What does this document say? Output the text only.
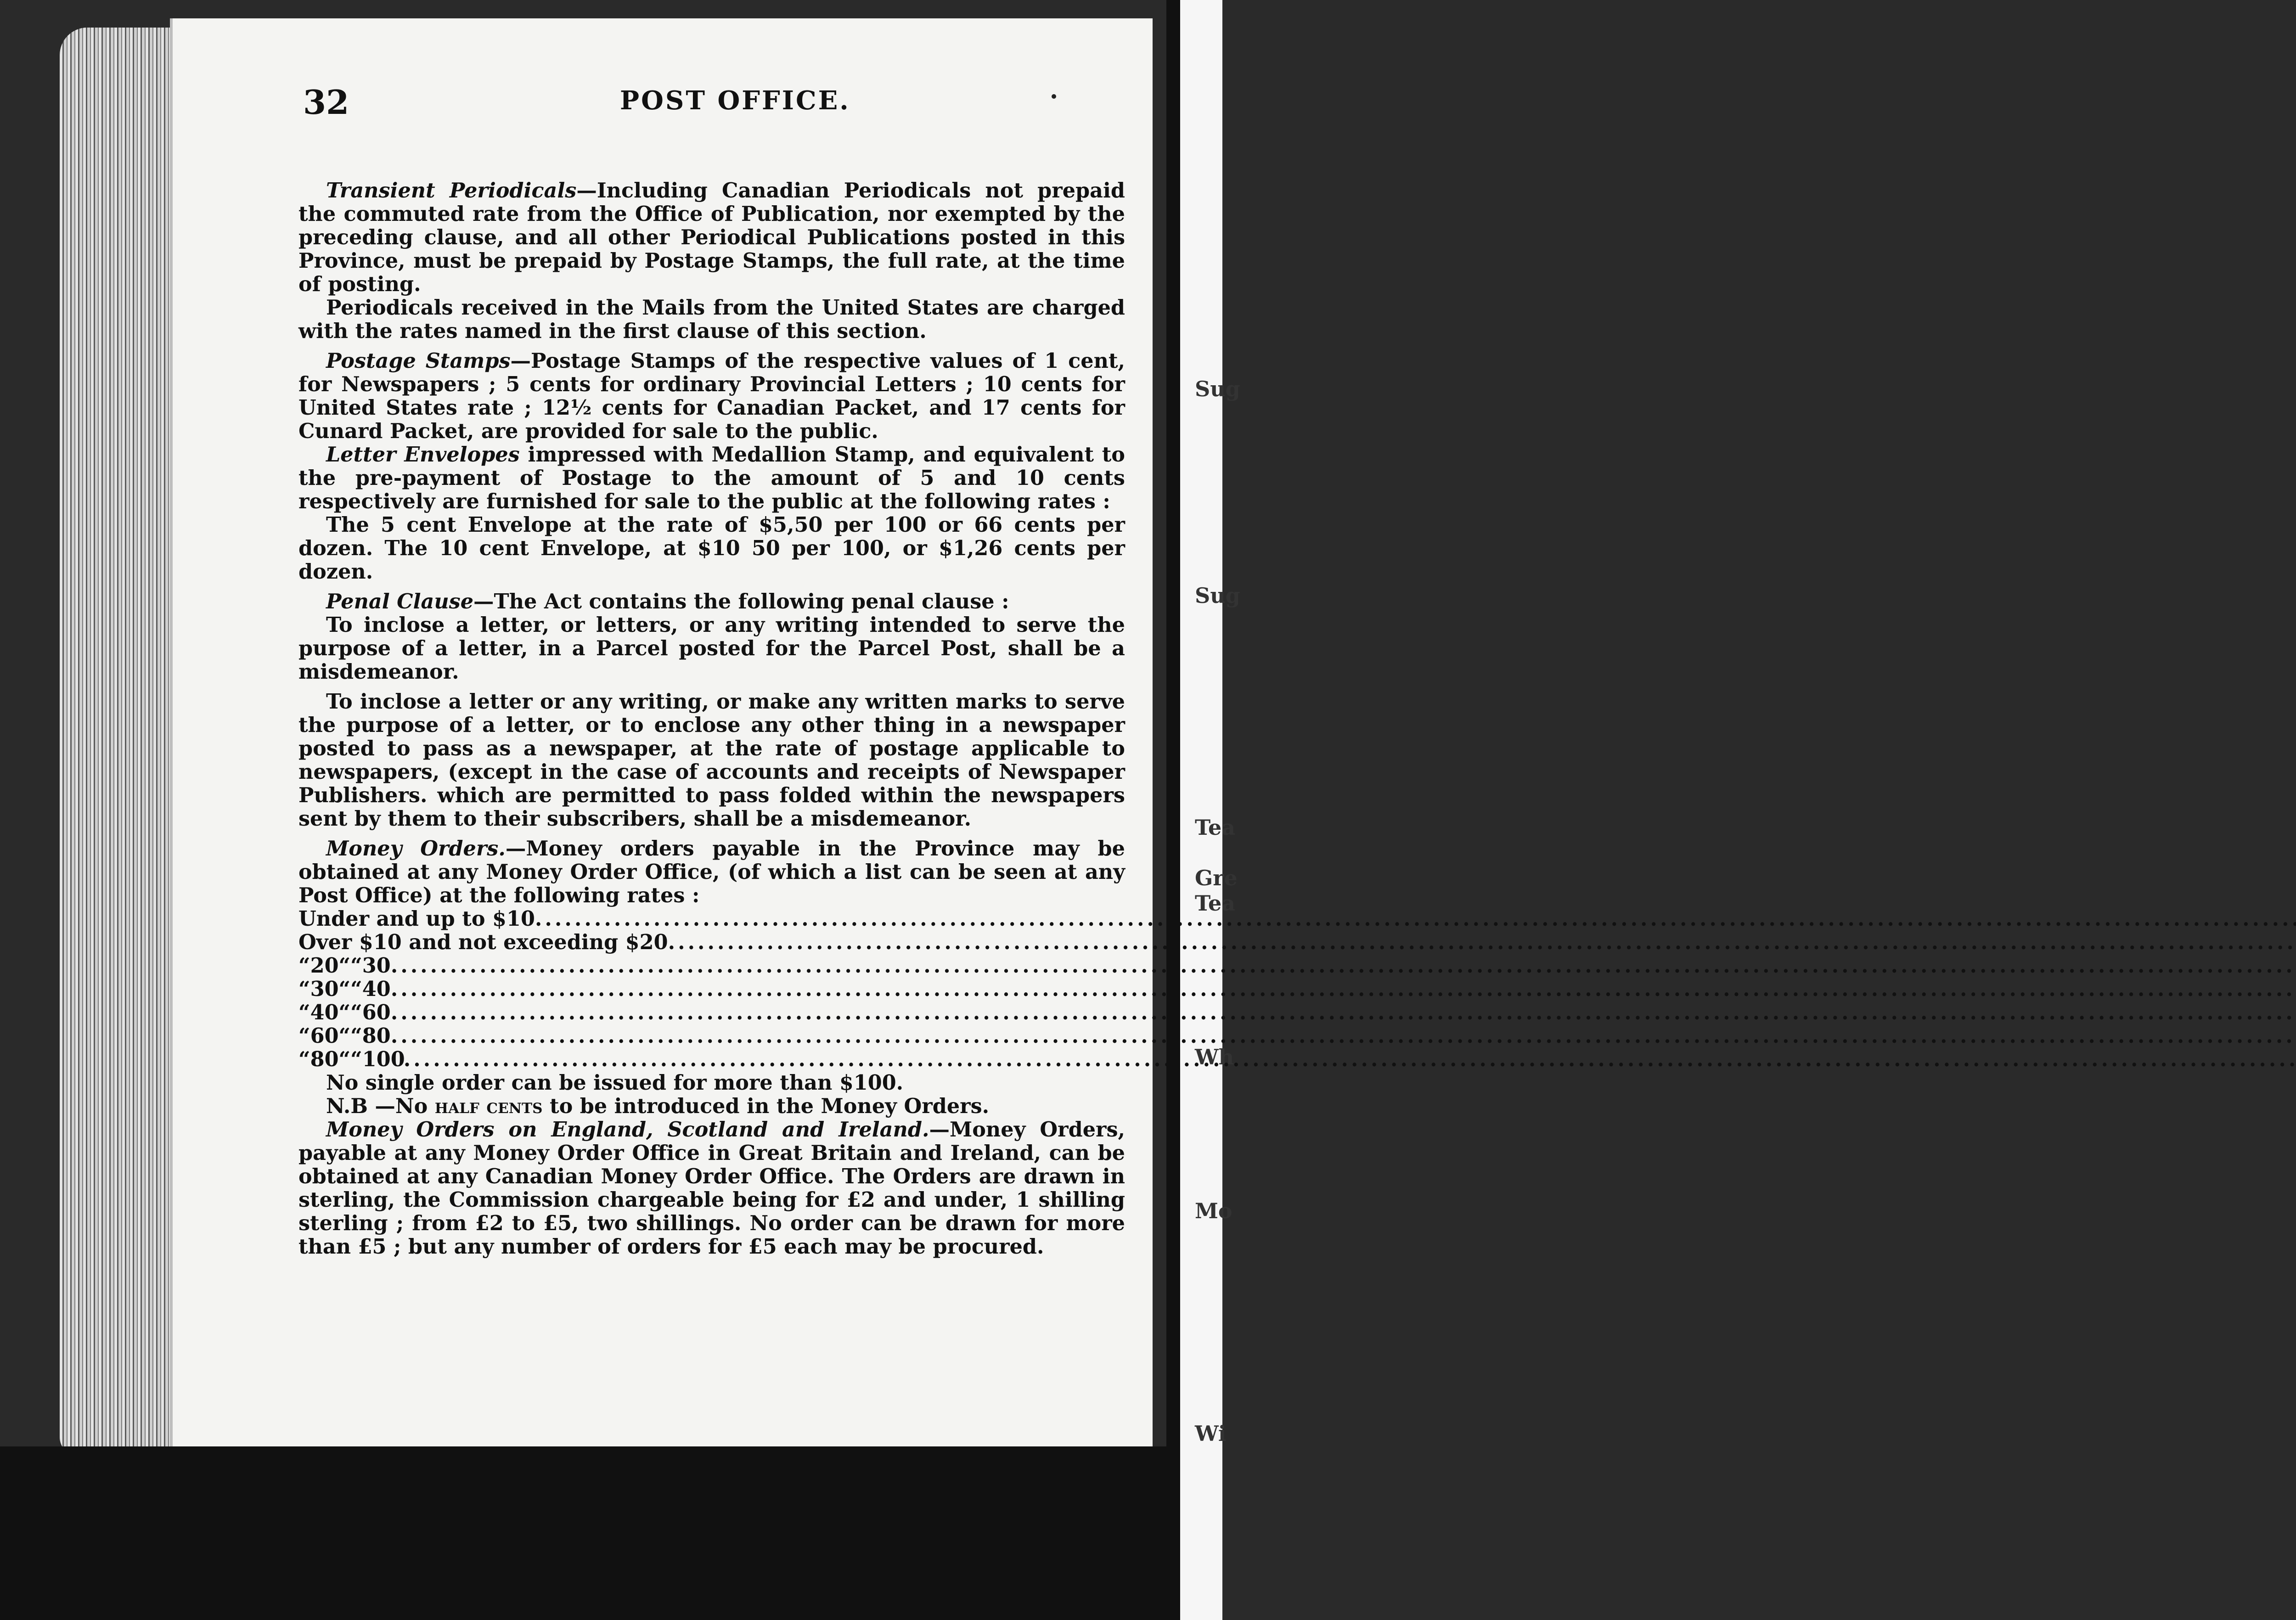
Sug
Sug
Tea
Gre
Tea
Wh
Mo
Wi
32	POST OFFICE.

Transient Periodicals—Including Canadian Periodicals not prepaid the commuted rate from the Office of Publication, nor exempted by the preceding clause, and all other Periodical Publications posted in this Province, must be prepaid by Postage Stamps, the full rate, at the time of posting.

Periodicals received in the Mails from the United States are charged with the rates named in the first clause of this section.

Postage Stamps—Postage Stamps of the respective values of 1 cent, for Newspapers ; 5 cents for ordinary Provincial Letters ; 10 cents for United States rate ; 12½ cents for Canadian Packet, and 17 cents for Cunard Packet, are provided for sale to the public.

Letter Envelopes impressed with Medallion Stamp, and equivalent to the pre-payment of Postage to the amount of 5 and 10 cents respectively are furnished for sale to the public at the following rates :

The 5 cent Envelope at the rate of $5,50 per 100 or 66 cents per dozen. The 10 cent Envelope, at $10 50 per 100, or $1,26 cents per dozen.

Penal Clause—The Act contains the following penal clause :

To inclose a letter, or letters, or any writing intended to serve the purpose of a letter, in a Parcel posted for the Parcel Post, shall be a misdemeanor.

To inclose a letter or any writing, or make any written marks to serve the purpose of a letter, or to enclose any other thing in a newspaper posted to pass as a newspaper, at the rate of postage applicable to newspapers, (except in the case of accounts and receipts of Newspaper Publishers. which are permitted to pass folded within the newspapers sent by them to their subscribers, shall be a misdemeanor.

Money Orders.—Money orders payable in the Province may be obtained at any Money Order Office, (of which a list can be seen at any Post Office) at the following rates :

Under and up to $10
.....
Over $10 and not exceeding $20
.....
“ 20 “ “ 30
.....
“ 30 “ “ 40
.....
“ 40 “ “ 60
.....
“ 60 “ “ 80
.....
“ 80 “ “ 100
.....

No single order can be issued for more than $100.

N.B —No half cents to be introduced in the Money Orders.

Money Orders on England, Scotland and Ireland.—Money Orders, payable at any Money Order Office in Great Britain and Ireland, can be obtained at any Canadian Money Order Office. The Orders are drawn in sterling, the Commission chargeable being for £2 and under, 1 shilling sterling ; from £2 to £5, two shillings. No order can be drawn for more than £5 ; but any number of orders for £5 each may be procured.
